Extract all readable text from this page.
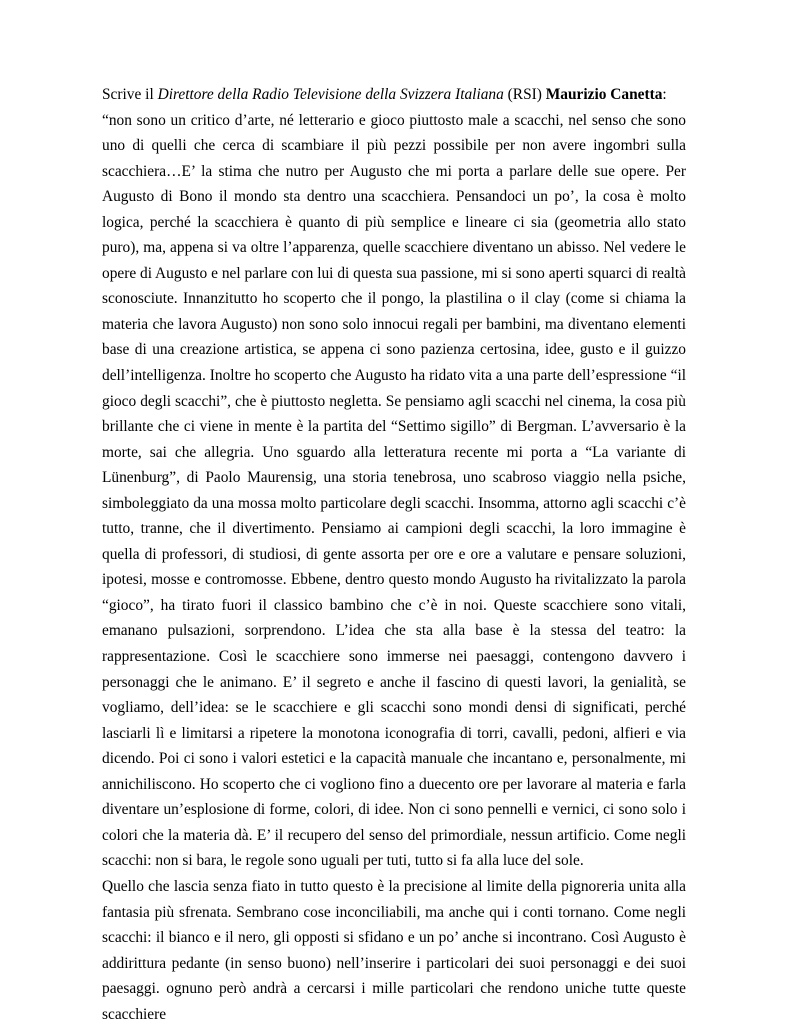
Scrive il Direttore della Radio Televisione della Svizzera Italiana (RSI) Maurizio Canetta:

“non sono un critico d’arte, né letterario e gioco piuttosto male a scacchi, nel senso che sono uno di quelli che cerca di scambiare il più pezzi possibile per non avere ingombri sulla scacchiera…E’ la stima che nutro per Augusto che mi porta a parlare delle sue opere. Per Augusto di Bono il mondo sta dentro una scacchiera. Pensandoci un po’, la cosa è molto logica, perché la scacchiera è quanto di più semplice e lineare ci sia (geometria allo stato puro), ma, appena si va oltre l’apparenza, quelle scacchiere diventano un abisso. Nel vedere le opere di Augusto e nel parlare con lui di questa sua passione, mi si sono aperti squarci di realtà sconosciute. Innanzitutto ho scoperto che il pongo, la plastilina o il clay (come si chiama la materia che lavora Augusto) non sono solo innocui regali per bambini, ma diventano elementi base di una creazione artistica, se appena ci sono pazienza certosina, idee, gusto e il guizzo dell’intelligenza. Inoltre ho scoperto che Augusto ha ridato vita a una parte dell’espressione “il gioco degli scacchi”, che è piuttosto negletta. Se pensiamo agli scacchi nel cinema, la cosa più brillante che ci viene in mente è la partita del “Settimo sigillo” di Bergman. L’avversario è la morte, sai che allegria. Uno sguardo alla letteratura recente mi porta a “La variante di Lünenburg”, di Paolo Maurensig, una storia tenebrosa, uno scabroso viaggio nella psiche, simboleggiato da una mossa molto particolare degli scacchi. Insomma, attorno agli scacchi c’è tutto, tranne, che il divertimento. Pensiamo ai campioni degli scacchi, la loro immagine è quella di professori, di studiosi, di gente assorta per ore e ore a valutare e pensare soluzioni, ipotesi, mosse e contromosse. Ebbene, dentro questo mondo Augusto ha rivitalizzato la parola “gioco”, ha tirato fuori il classico bambino che c’è in noi. Queste scacchiere sono vitali, emanano pulsazioni, sorprendono. L’idea che sta alla base è la stessa del teatro: la rappresentazione. Così le scacchiere sono immerse nei paesaggi, contengono davvero i personaggi che le animano. E’ il segreto e anche il fascino di questi lavori, la genialità, se vogliamo, dell’idea: se le scacchiere e gli scacchi sono mondi densi di significati, perché lasciarli lì e limitarsi a ripetere la monotona iconografia di torri, cavalli, pedoni, alfieri e via dicendo. Poi ci sono i valori estetici e la capacità manuale che incantano e, personalmente, mi annichiliscono. Ho scoperto che ci vogliono fino a duecento ore per lavorare al materia e farla diventare un’esplosione di forme, colori, di idee. Non ci sono pennelli e vernici, ci sono solo i colori che la materia dà. E’ il recupero del senso del primordiale, nessun artificio. Come negli scacchi: non si bara, le regole sono uguali per tuti, tutto si fa alla luce del sole.

Quello che lascia senza fiato in tutto questo è la precisione al limite della pignoreria unita alla fantasia più sfrenata. Sembrano cose inconciliabili, ma anche qui i conti tornano. Come negli scacchi: il bianco e il nero, gli opposti si sfidano e un po’ anche si incontrano. Così Augusto è addirittura pedante (in senso buono) nell’inserire i particolari dei suoi personaggi e dei suoi paesaggi. ognuno però andrà a cercarsi i mille particolari che rendono uniche tutte queste scacchiere
